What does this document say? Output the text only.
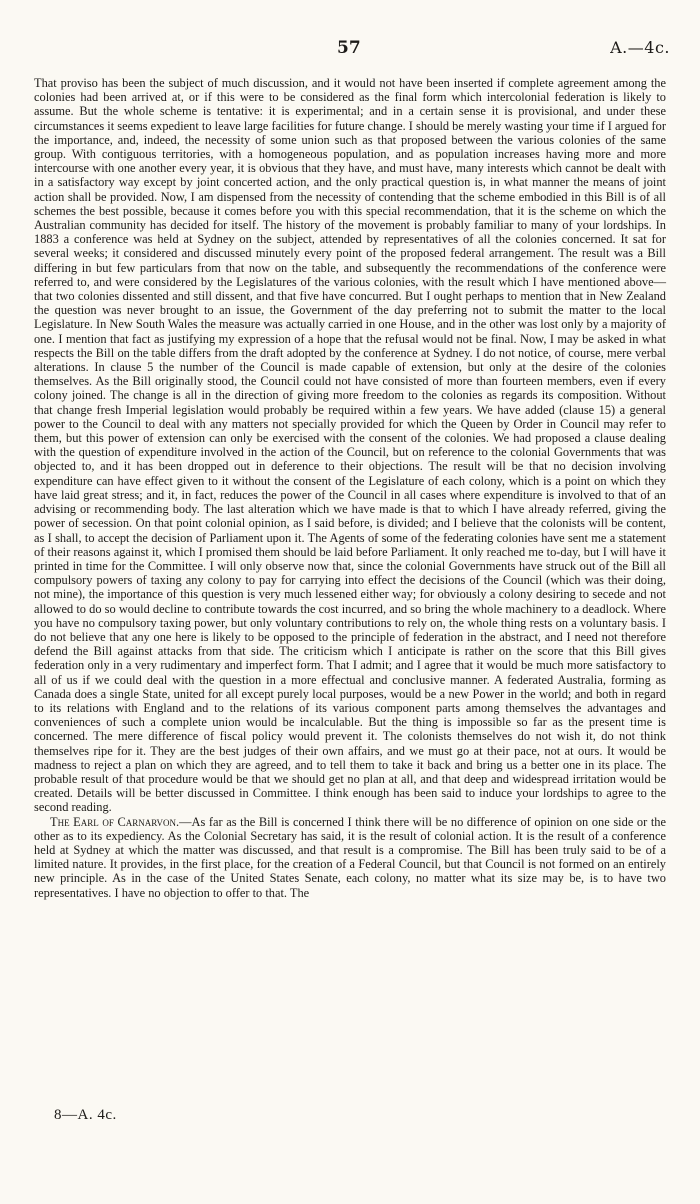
57	A.—4c.

That proviso has been the subject of much discussion, and it would not have been inserted if complete agreement among the colonies had been arrived at, or if this were to be considered as the final form which intercolonial federation is likely to assume. But the whole scheme is tentative: it is experimental; and in a certain sense it is provisional, and under these circumstances it seems expedient to leave large facilities for future change. I should be merely wasting your time if I argued for the importance, and, indeed, the necessity of some union such as that proposed between the various colonies of the same group. With contiguous territories, with a homogeneous population, and as population increases having more and more intercourse with one another every year, it is obvious that they have, and must have, many interests which cannot be dealt with in a satisfactory way except by joint concerted action, and the only practical question is, in what manner the means of joint action shall be provided. Now, I am dispensed from the necessity of contending that the scheme embodied in this Bill is of all schemes the best possible, because it comes before you with this special recommendation, that it is the scheme on which the Australian community has decided for itself. The history of the movement is probably familiar to many of your lordships. In 1883 a conference was held at Sydney on the subject, attended by representatives of all the colonies concerned. It sat for several weeks; it considered and discussed minutely every point of the proposed federal arrangement. The result was a Bill differing in but few particulars from that now on the table, and subsequently the recommendations of the conference were referred to, and were considered by the Legislatures of the various colonies, with the result which I have mentioned above—that two colonies dissented and still dissent, and that five have concurred. But I ought perhaps to mention that in New Zealand the question was never brought to an issue, the Government of the day preferring not to submit the matter to the local Legislature. In New South Wales the measure was actually carried in one House, and in the other was lost only by a majority of one. I mention that fact as justifying my expression of a hope that the refusal would not be final. Now, I may be asked in what respects the Bill on the table differs from the draft adopted by the conference at Sydney. I do not notice, of course, mere verbal alterations. In clause 5 the number of the Council is made capable of extension, but only at the desire of the colonies themselves. As the Bill originally stood, the Council could not have consisted of more than fourteen members, even if every colony joined. The change is all in the direction of giving more freedom to the colonies as regards its composition. Without that change fresh Imperial legislation would probably be required within a few years. We have added (clause 15) a general power to the Council to deal with any matters not specially provided for which the Queen by Order in Council may refer to them, but this power of extension can only be exercised with the consent of the colonies. We had proposed a clause dealing with the question of expenditure involved in the action of the Council, but on reference to the colonial Governments that was objected to, and it has been dropped out in deference to their objections. The result will be that no decision involving expenditure can have effect given to it without the consent of the Legislature of each colony, which is a point on which they have laid great stress; and it, in fact, reduces the power of the Council in all cases where expenditure is involved to that of an advising or recommending body. The last alteration which we have made is that to which I have already referred, giving the power of secession. On that point colonial opinion, as I said before, is divided; and I believe that the colonists will be content, as I shall, to accept the decision of Parliament upon it. The Agents of some of the federating colonies have sent me a statement of their reasons against it, which I promised them should be laid before Parliament. It only reached me to-day, but I will have it printed in time for the Committee. I will only observe now that, since the colonial Governments have struck out of the Bill all compulsory powers of taxing any colony to pay for carrying into effect the decisions of the Council (which was their doing, not mine), the importance of this question is very much lessened either way; for obviously a colony desiring to secede and not allowed to do so would decline to contribute towards the cost incurred, and so bring the whole machinery to a deadlock. Where you have no compulsory taxing power, but only voluntary contributions to rely on, the whole thing rests on a voluntary basis. I do not believe that any one here is likely to be opposed to the principle of federation in the abstract, and I need not therefore defend the Bill against attacks from that side. The criticism which I anticipate is rather on the score that this Bill gives federation only in a very rudimentary and imperfect form. That I admit; and I agree that it would be much more satisfactory to all of us if we could deal with the question in a more effectual and conclusive manner. A federated Australia, forming as Canada does a single State, united for all except purely local purposes, would be a new Power in the world; and both in regard to its relations with England and to the relations of its various component parts among themselves the advantages and conveniences of such a complete union would be incalculable. But the thing is impossible so far as the present time is concerned. The mere difference of fiscal policy would prevent it. The colonists themselves do not wish it, do not think themselves ripe for it. They are the best judges of their own affairs, and we must go at their pace, not at ours. It would be madness to reject a plan on which they are agreed, and to tell them to take it back and bring us a better one in its place. The probable result of that procedure would be that we should get no plan at all, and that deep and widespread irritation would be created. Details will be better discussed in Committee. I think enough has been said to induce your lordships to agree to the second reading.

The Earl of Carnarvon.—As far as the Bill is concerned I think there will be no difference of opinion on one side or the other as to its expediency. As the Colonial Secretary has said, it is the result of colonial action. It is the result of a conference held at Sydney at which the matter was discussed, and that result is a compromise. The Bill has been truly said to be of a limited nature. It provides, in the first place, for the creation of a Federal Council, but that Council is not formed on an entirely new principle. As in the case of the United States Senate, each colony, no matter what its size may be, is to have two representatives. I have no objection to offer to that. The

8—A. 4c.
